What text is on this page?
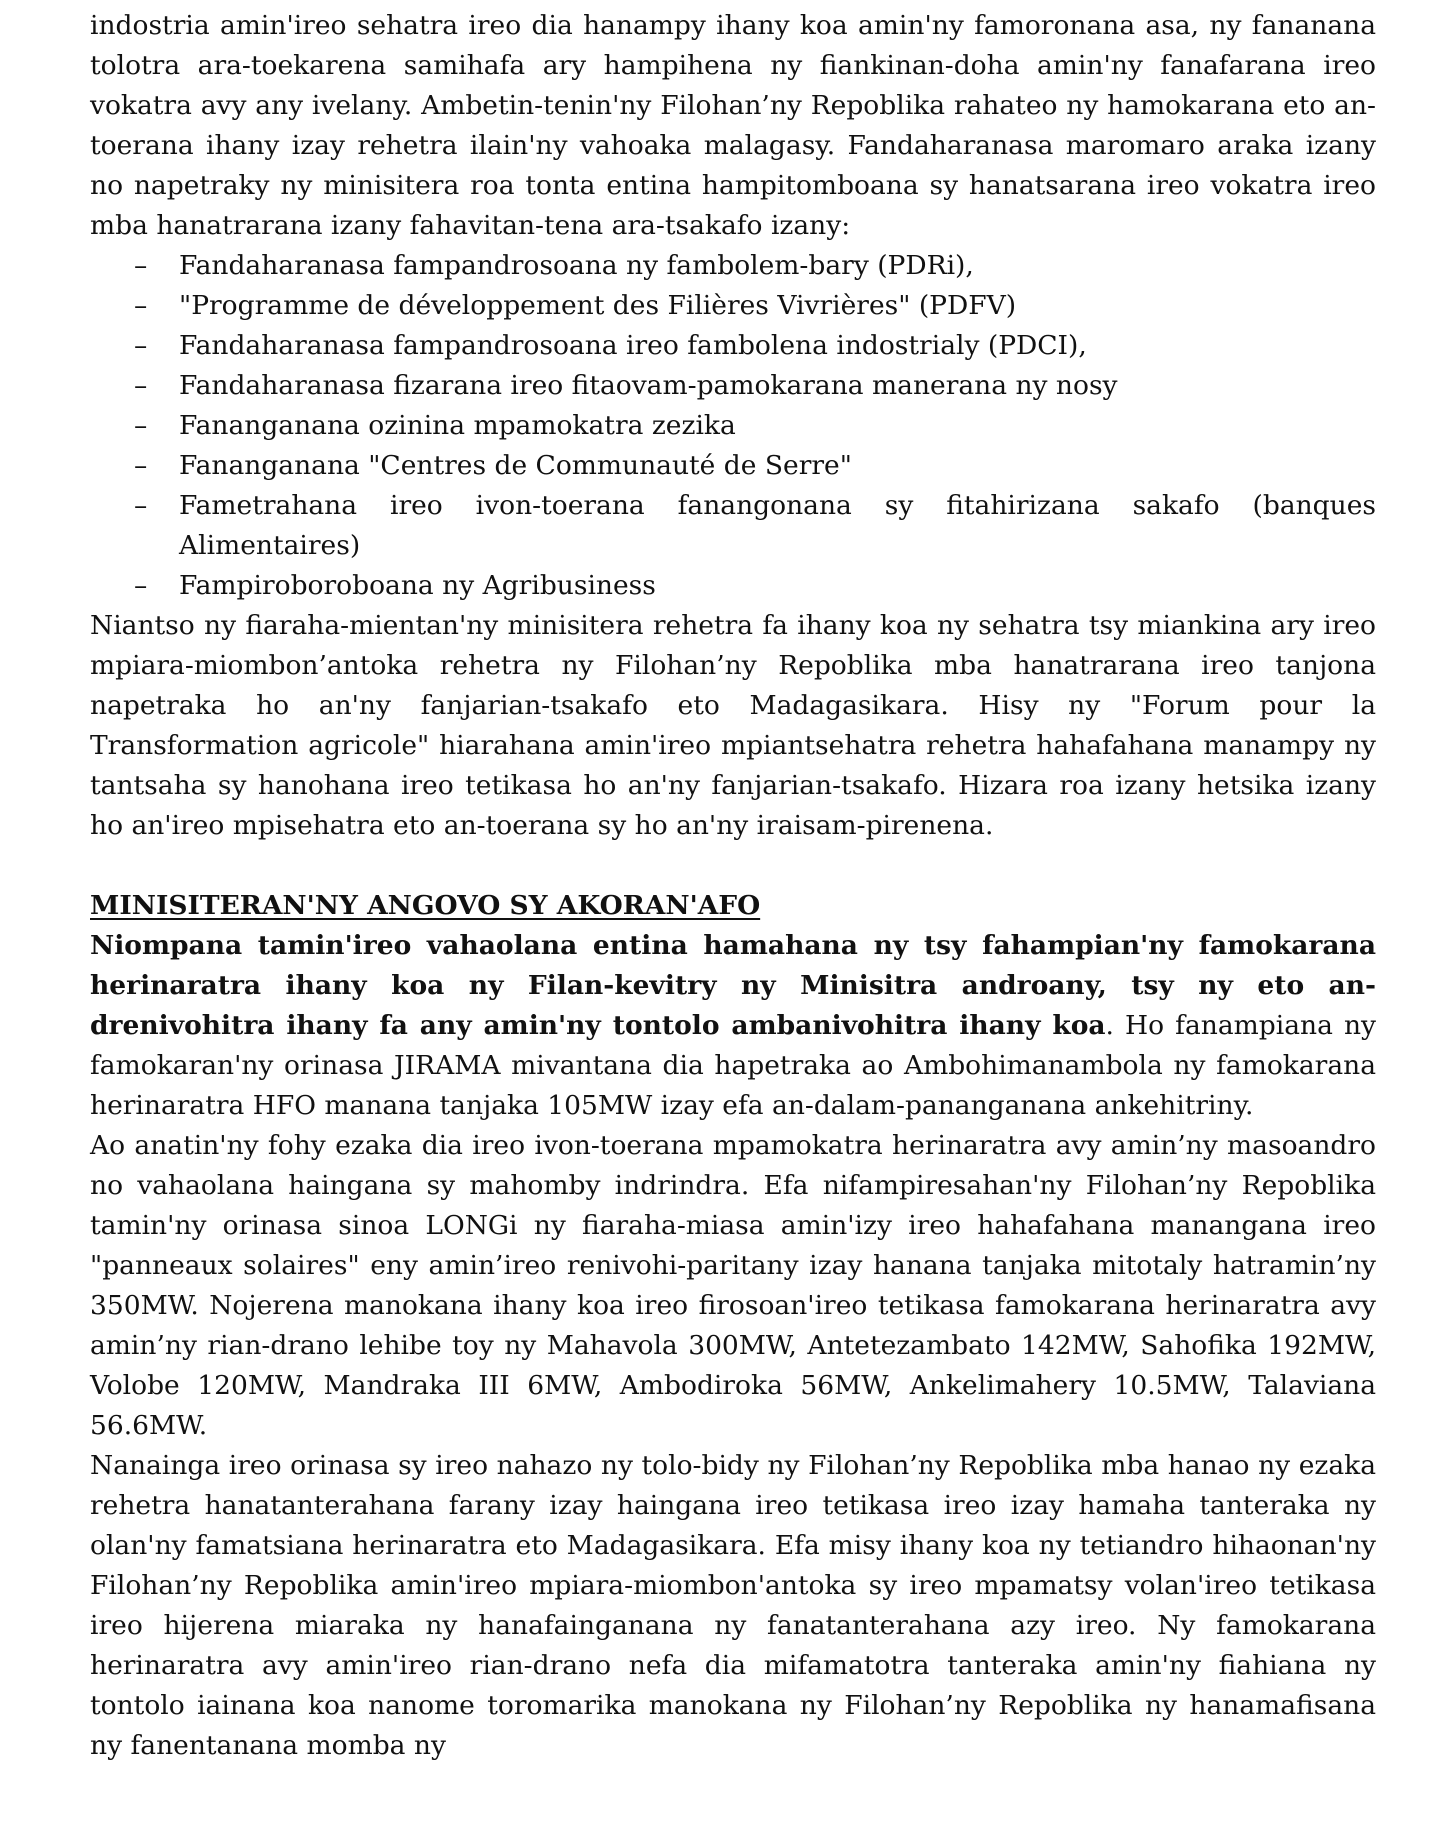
indostria amin'ireo sehatra ireo dia hanampy ihany koa amin'ny famoronana asa, ny fananana tolotra ara-toekarena samihafa ary hampihena ny fiankinan-doha amin'ny fanafarana ireo vokatra avy any ivelany. Ambetin-tenin'ny Filohan’ny Repoblika rahateo ny hamokarana eto an-toerana ihany izay rehetra ilain'ny vahoaka malagasy. Fandaharanasa maromaro araka izany no napetraky ny minisitera roa tonta entina hampitomboana sy hanatsarana ireo vokatra ireo mba hanatrarana izany fahavitan-tena ara-tsakafo izany:

– Fandaharanasa fampandrosoana ny fambolem-bary (PDRi),
– "Programme de développement des Filières Vivrières" (PDFV)
– Fandaharanasa fampandrosoana ireo fambolena indostrialy (PDCI),
– Fandaharanasa fizarana ireo fitaovam-pamokarana manerana ny nosy
– Fananganana ozinina mpamokatra zezika
– Fananganana "Centres de Communauté de Serre"
– Fametrahana ireo ivon-toerana fanangonana sy fitahirizana sakafo (banques Alimentaires)
– Fampiroboroboana ny Agribusiness

Niantso ny fiaraha-mientan'ny minisitera rehetra fa ihany koa ny sehatra tsy miankina ary ireo mpiara-miombon’antoka rehetra ny Filohan’ny Repoblika mba hanatrarana ireo tanjona napetraka ho an'ny fanjarian-tsakafo eto Madagasikara. Hisy ny "Forum pour la Transformation agricole" hiarahana amin'ireo mpiantsehatra rehetra hahafahana manampy ny tantsaha sy hanohana ireo tetikasa ho an'ny fanjarian-tsakafo. Hizara roa izany hetsika izany ho an'ireo mpisehatra eto an-toerana sy ho an'ny iraisam-pirenena.

MINISITERAN'NY ANGOVO SY AKORAN'AFO

Niompana tamin'ireo vahaolana entina hamahana ny tsy fahampian'ny famokarana herinaratra ihany koa ny Filan-kevitry ny Minisitra androany, tsy ny eto an-drenivohitra ihany fa any amin'ny tontolo ambanivohitra ihany koa. Ho fanampiana ny famokaran'ny orinasa JIRAMA mivantana dia hapetraka ao Ambohimanambola ny famokarana herinaratra HFO manana tanjaka 105MW izay efa an-dalam-pananganana ankehitriny.

Ao anatin'ny fohy ezaka dia ireo ivon-toerana mpamokatra herinaratra avy amin’ny masoandro no vahaolana haingana sy mahomby indrindra. Efa nifampiresahan'ny Filohan’ny Repoblika tamin'ny orinasa sinoa LONGi ny fiaraha-miasa amin'izy ireo hahafahana manangana ireo "panneaux solaires" eny amin’ireo renivohi-paritany izay hanana tanjaka mitotaly hatramin’ny 350MW. Nojerena manokana ihany koa ireo firosoan'ireo tetikasa famokarana herinaratra avy amin’ny rian-drano lehibe toy ny Mahavola 300MW, Antetezambato 142MW, Sahofika 192MW, Volobe 120MW, Mandraka III 6MW, Ambodiroka 56MW, Ankelimahery 10.5MW, Talaviana 56.6MW.

Nanainga ireo orinasa sy ireo nahazo ny tolo-bidy ny Filohan’ny Repoblika mba hanao ny ezaka rehetra hanatanterahana farany izay haingana ireo tetikasa ireo izay hamaha tanteraka ny olan'ny famatsiana herinaratra eto Madagasikara. Efa misy ihany koa ny tetiandro hihaonan'ny Filohan’ny Repoblika amin'ireo mpiara-miombon'antoka sy ireo mpamatsy volan'ireo tetikasa ireo hijerena miaraka ny hanafainganana ny fanatanterahana azy ireo. Ny famokarana herinaratra avy amin'ireo rian-drano nefa dia mifamatotra tanteraka amin'ny fiahiana ny tontolo iainana koa nanome toromarika manokana ny Filohan’ny Repoblika ny hanamafisana ny fanentanana momba ny
